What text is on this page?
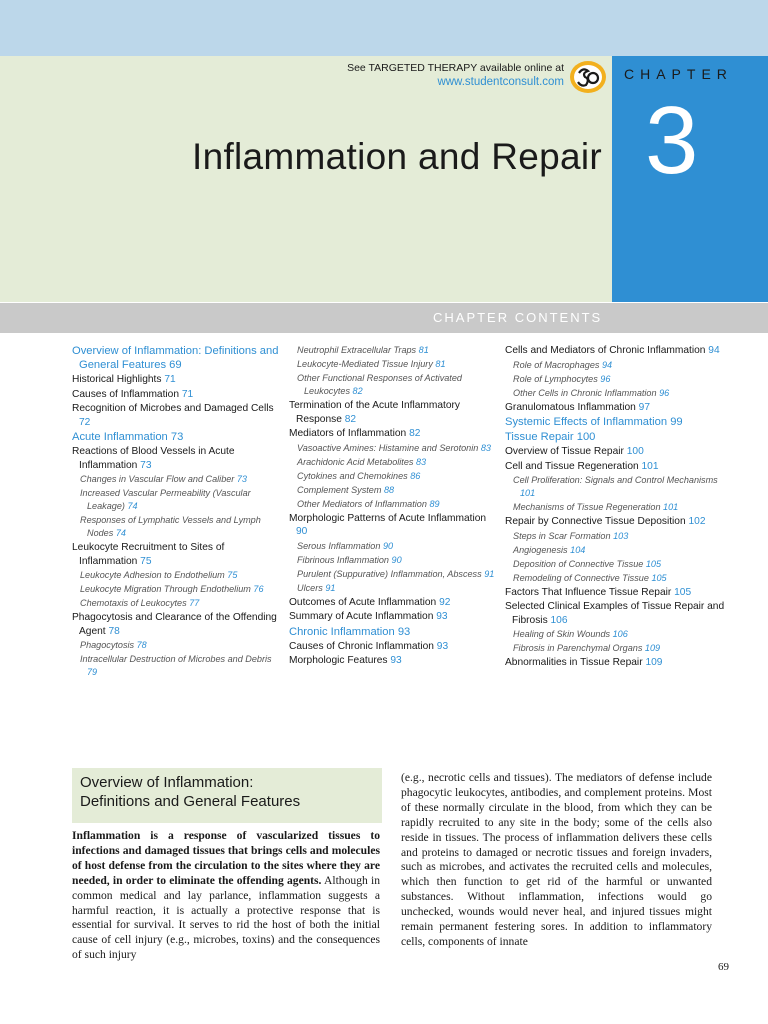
See TARGETED THERAPY available online at
www.studentconsult.com	CHAPTER
3
Inflammation and Repair
CHAPTER CONTENTS
Overview of Inflammation: Definitions and General Features 69
Historical Highlights 71
Causes of Inflammation 71
Recognition of Microbes and Damaged Cells 72
Acute Inflammation 73
Reactions of Blood Vessels in Acute Inflammation 73
Changes in Vascular Flow and Caliber 73
Increased Vascular Permeability (Vascular Leakage) 74
Responses of Lymphatic Vessels and Lymph Nodes 74
Leukocyte Recruitment to Sites of Inflammation 75
Leukocyte Adhesion to Endothelium 75
Leukocyte Migration Through Endothelium 76
Chemotaxis of Leukocytes 77
Phagocytosis and Clearance of the Offending Agent 78
Phagocytosis 78
Intracellular Destruction of Microbes and Debris 79
Neutrophil Extracellular Traps 81
Leukocyte-Mediated Tissue Injury 81
Other Functional Responses of Activated Leukocytes 82
Termination of the Acute Inflammatory Response 82
Mediators of Inflammation 82
Vasoactive Amines: Histamine and Serotonin 83
Arachidonic Acid Metabolites 83
Cytokines and Chemokines 86
Complement System 88
Other Mediators of Inflammation 89
Morphologic Patterns of Acute Inflammation 90
Serous Inflammation 90
Fibrinous Inflammation 90
Purulent (Suppurative) Inflammation, Abscess 91
Ulcers 91
Outcomes of Acute Inflammation 92
Summary of Acute Inflammation 93
Chronic Inflammation 93
Causes of Chronic Inflammation 93
Morphologic Features 93
Cells and Mediators of Chronic Inflammation 94
Role of Macrophages 94
Role of Lymphocytes 96
Other Cells in Chronic Inflammation 96
Granulomatous Inflammation 97
Systemic Effects of Inflammation 99
Tissue Repair 100
Overview of Tissue Repair 100
Cell and Tissue Regeneration 101
Cell Proliferation: Signals and Control Mechanisms 101
Mechanisms of Tissue Regeneration 101
Repair by Connective Tissue Deposition 102
Steps in Scar Formation 103
Angiogenesis 104
Deposition of Connective Tissue 105
Remodeling of Connective Tissue 105
Factors That Influence Tissue Repair 105
Selected Clinical Examples of Tissue Repair and Fibrosis 106
Healing of Skin Wounds 106
Fibrosis in Parenchymal Organs 109
Abnormalities in Tissue Repair 109
Overview of Inflammation:
Definitions and General Features

Inflammation is a response of vascularized tissues to infections and damaged tissues that brings cells and molecules of host defense from the circulation to the sites where they are needed, in order to eliminate the offending agents. Although in common medical and lay parlance, inflammation suggests a harmful reaction, it is actually a protective response that is essential for survival. It serves to rid the host of both the initial cause of cell injury (e.g., microbes, toxins) and the consequences of such injury

(e.g., necrotic cells and tissues). The mediators of defense include phagocytic leukocytes, antibodies, and complement proteins. Most of these normally circulate in the blood, from which they can be rapidly recruited to any site in the body; some of the cells also reside in tissues. The process of inflammation delivers these cells and proteins to damaged or necrotic tissues and foreign invaders, such as microbes, and activates the recruited cells and molecules, which then function to get rid of the harmful or unwanted substances. Without inflammation, infections would go unchecked, wounds would never heal, and injured tissues might remain permanent festering sores. In addition to inflammatory cells, components of innate

69
